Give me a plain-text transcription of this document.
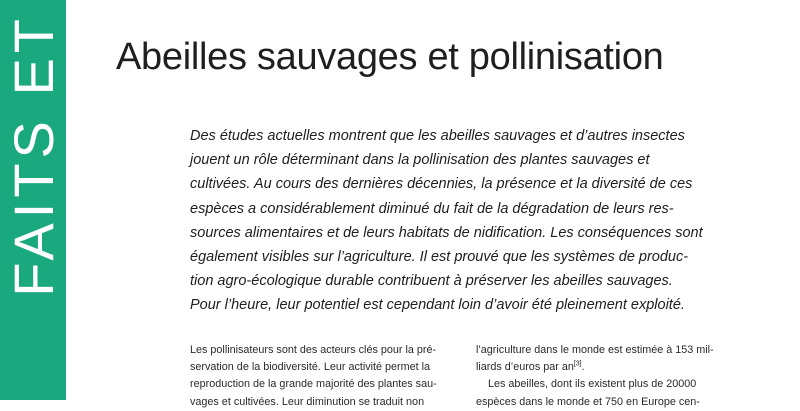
FAITS ET Abeilles sauvages et pollinisation
Des études actuelles montrent que les abeilles sauvages et d’autres insectes
jouent un rôle déterminant dans la pollinisation des plantes sauvages et
cultivées. Au cours des dernières décennies, la présence et la diversité de ces
espèces a considérablement diminué du fait de la dégradation de leurs res-
sources alimentaires et de leurs habitats de nidification. Les conséquences sont
également visibles sur l’agriculture. Il est prouvé que les systèmes de produc-
tion agro-écologique durable contribuent à préserver les abeilles sauvages.
Pour l’heure, leur potentiel est cependant loin d’avoir été pleinement exploité.
Les pollinisateurs sont des acteurs clés pour la pré-
servation de la biodiversité. Leur activité permet la
reproduction de la grande majorité des plantes sau-
vages et cultivées. Leur diminution se traduit non
l’agriculture dans le monde est estimée à 153 mil-
liards d’euros par an[3].
Les abeilles, dont ils existent plus de 20000
espèces dans le monde et 750 en Europe cen-
